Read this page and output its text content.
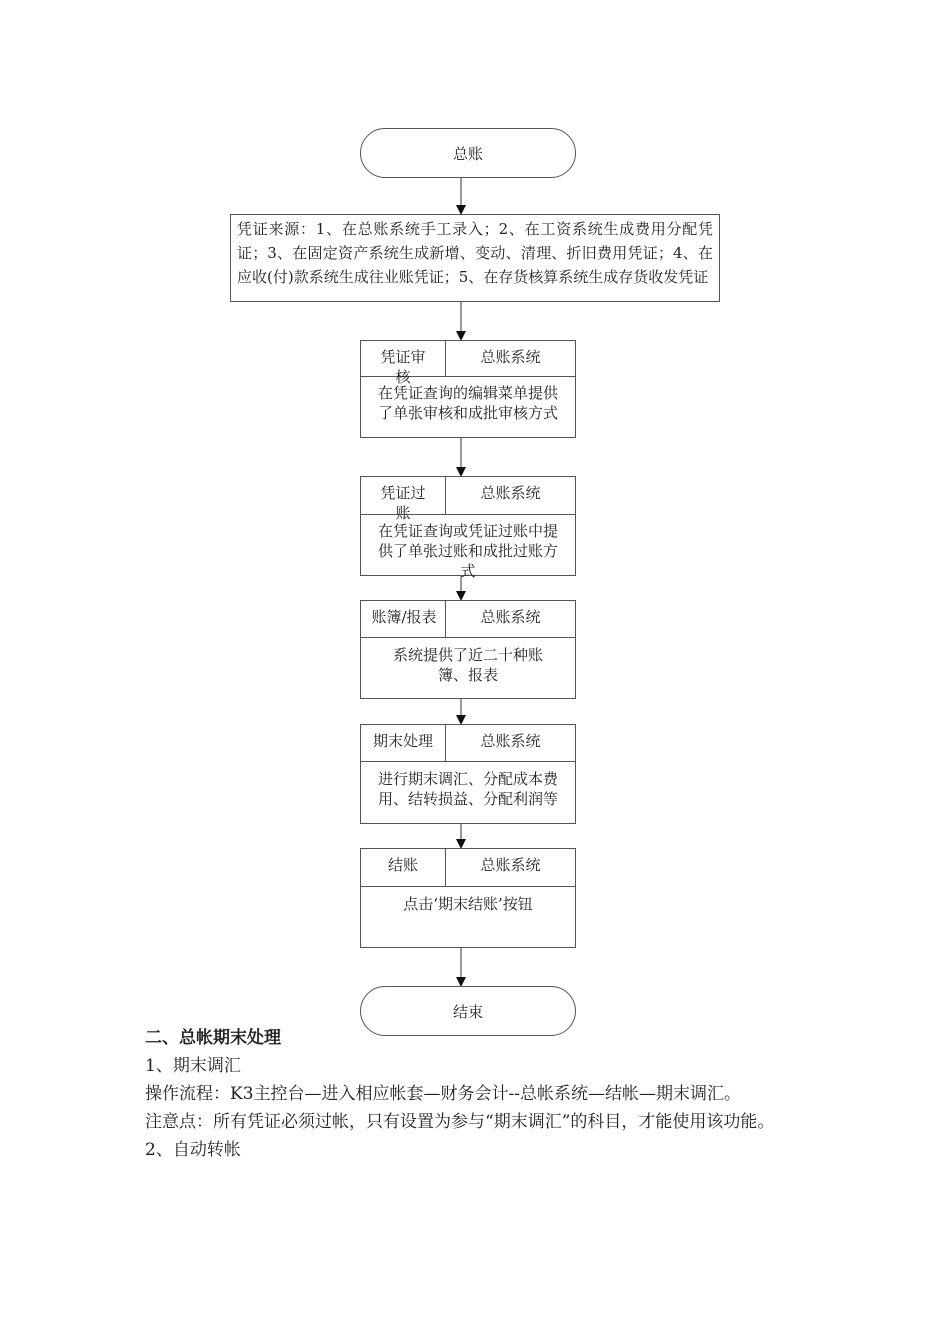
总账
凭证来源：1、在总账系统手工录入；2、在工资系统生成费用分配凭证；3、在固定资产系统生成新增、变动、清理、折旧费用凭证；4、在应收(付)款系统生成往业账凭证；5、在存货核算系统生成存货收发凭证
凭证审核
总账系统
在凭证查询的编辑菜单提供了单张审核和成批审核方式
凭证过账
总账系统
在凭证查询或凭证过账中提供了单张过账和成批过账方式
账簿/报表	总账系统
系统提供了近二十种账簿、报表
期末处理	总账系统
进行期末调汇、分配成本费用、结转损益、分配利润等
结账	总账系统
点击‘期末结账’按钮
结束

二、总帐期末处理

1、期末调汇

操作流程：K3主控台—进入相应帐套—财务会计--总帐系统—结帐—期末调汇。

注意点：所有凭证必须过帐，只有设置为参与“期末调汇”的科目，才能使用该功能。

2、自动转帐
